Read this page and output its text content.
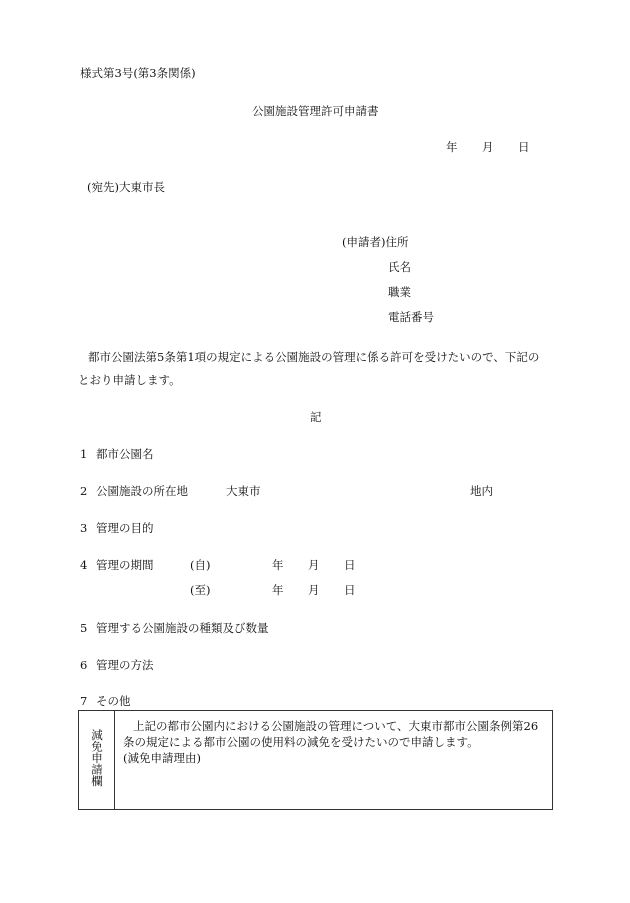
様式第3号(第3条関係)
公園施設管理許可申請書
年 月 日
(宛先)大東市長
(申請者)住所
氏名
職業
電話番号
都市公園法第5条第1項の規定による公園施設の管理に係る許可を受けたいので、下記の
とおり申請します。
記
1 都市公園名
2 公園施設の所在地	大東市	地内
3 管理の目的
4 管理の期間	(自)	年 月 日
(至)	年 月 日
5 管理する公園施設の種類及び数量
6 管理の方法
7 その他
減免申請欄
上記の都市公園内における公園施設の管理について、大東市都市公園条例第26
条の規定による都市公園の使用料の減免を受けたいので申請します。
(減免申請理由)
